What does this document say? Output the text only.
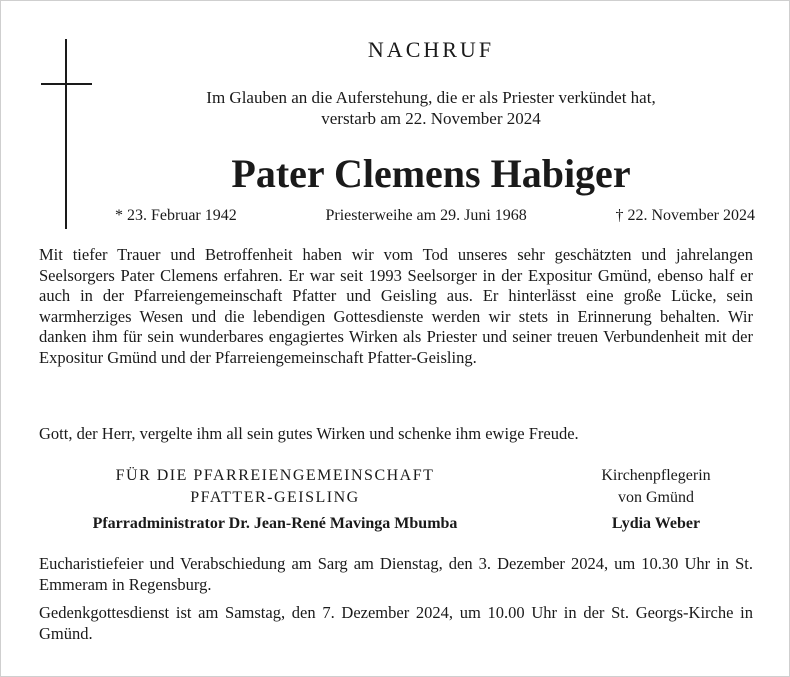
NACHRUF
Im Glauben an die Auferstehung, die er als Priester verkündet hat,
verstarb am 22. November 2024
Pater Clemens Habiger
* 23. Februar 1942	Priesterweihe am 29. Juni 1968	† 22. November 2024
Mit tiefer Trauer und Betroffenheit haben wir vom Tod unseres sehr geschätzten und jahrelangen Seelsorgers Pater Clemens erfahren. Er war seit 1993 Seelsorger in der Expositur Gmünd, ebenso half er auch in der Pfarreiengemeinschaft Pfatter und Geisling aus. Er hinterlässt eine große Lücke, sein warmherziges Wesen und die lebendigen Gottesdienste werden wir stets in Erinnerung behalten. Wir danken ihm für sein wunderbares engagiertes Wirken als Priester und seiner treuen Verbundenheit mit der Expositur Gmünd und der Pfarreiengemeinschaft Pfatter-Geisling.
Gott, der Herr, vergelte ihm all sein gutes Wirken und schenke ihm ewige Freude.
FÜR DIE PFARREIENGEMEINSCHAFT
PFATTER-GEISLING
Pfarradministrator Dr. Jean-René Mavinga Mbumba
Kirchenpflegerin
von Gmünd
Lydia Weber
Eucharistiefeier und Verabschiedung am Sarg am Dienstag, den 3. Dezember 2024, um 10.30 Uhr in St. Emmeram in Regensburg.
Gedenkgottesdienst ist am Samstag, den 7. Dezember 2024, um 10.00 Uhr in der St. Georgs-Kirche in Gmünd.
